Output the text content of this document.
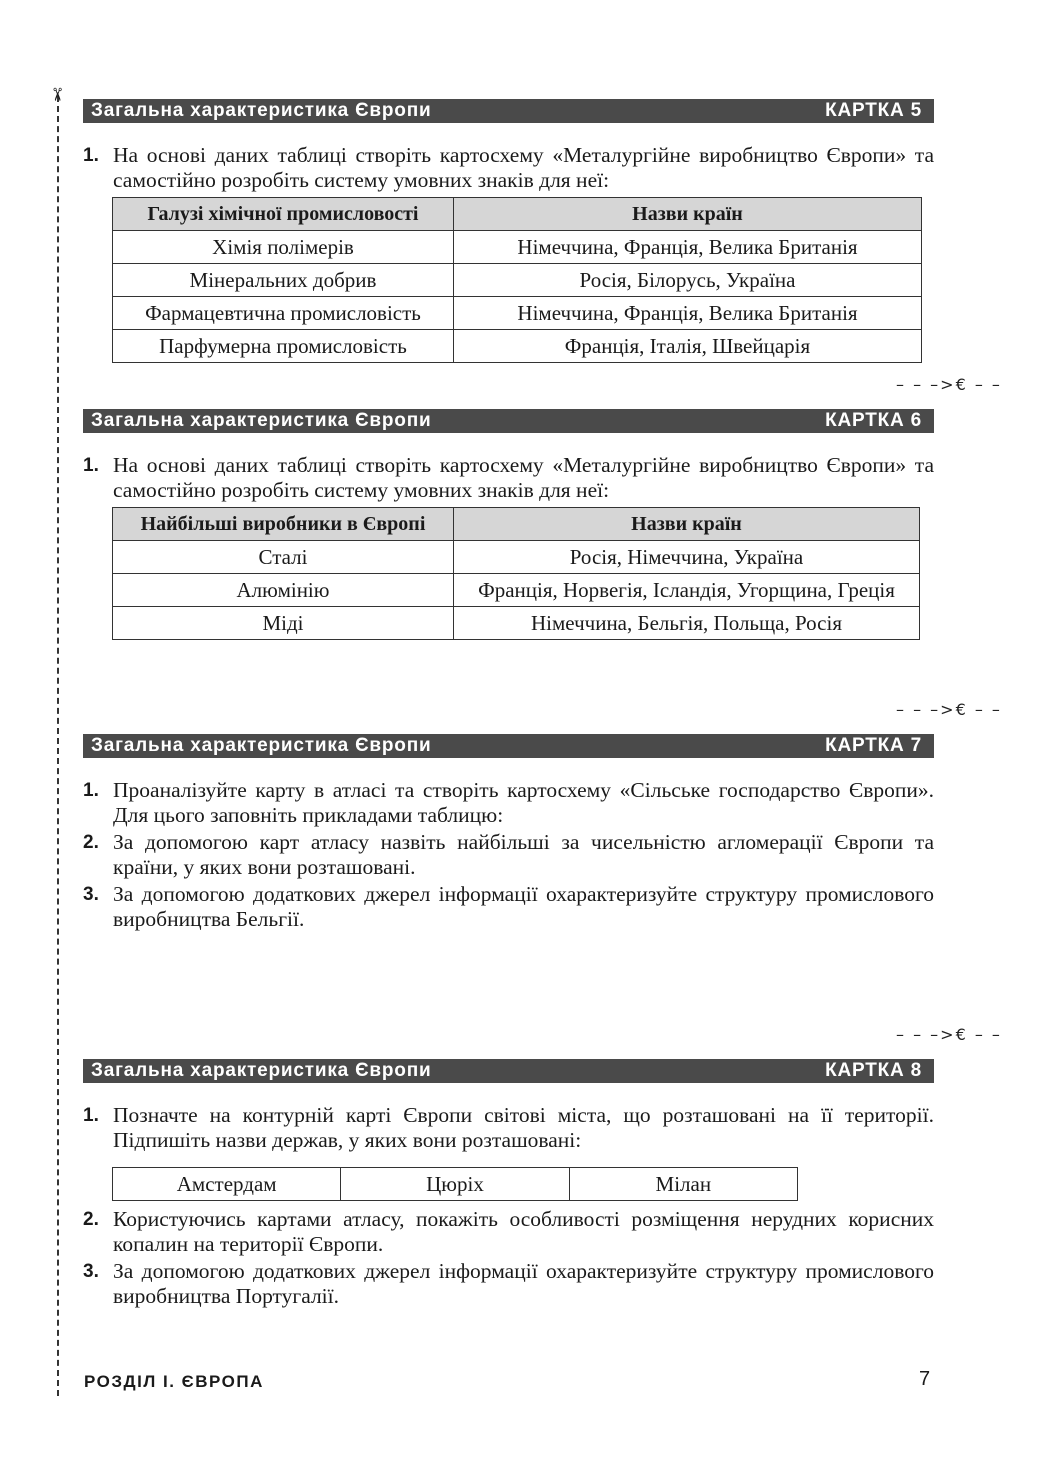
✂
Загальна характеристика Європи	КАРТКА 5
1. На основі даних таблиці створіть картосхему «Металургійне виробництво Європи» та самостійно розробіть систему умовних знаків для неї:
Галузі хімічної промисловості	Назви країн
Хімія полімерів	Німеччина, Франція, Велика Британія
Мінеральних добрив	Росія, Білорусь, Україна
Фармацевтична промисловість	Німеччина, Франція, Велика Британія
Парфумерна промисловість	Франція, Італія, Швейцарія
– – –>€ – –
Загальна характеристика Європи	КАРТКА 6
1. На основі даних таблиці створіть картосхему «Металургійне виробництво Європи» та самостійно розробіть систему умовних знаків для неї:
Найбільші виробники в Європі	Назви країн
Сталі	Росія, Німеччина, Україна
Алюмінію	Франція, Норвегія, Ісландія, Угорщина, Греція
Міді	Німеччина, Бельгія, Польща, Росія
– – –>€ – –
Загальна характеристика Європи	КАРТКА 7
1. Проаналізуйте карту в атласі та створіть картосхему «Сільське господарство Європи». Для цього заповніть прикладами таблицю:
2. За допомогою карт атласу назвіть найбільші за чисельністю агломерації Європи та країни, у яких вони розташовані.
3. За допомогою додаткових джерел інформації охарактеризуйте структуру промислового виробництва Бельгії.
– – –>€ – –
Загальна характеристика Європи	КАРТКА 8
1. Позначте на контурній карті Європи світові міста, що розташовані на її території. Підпишіть назви держав, у яких вони розташовані:
Амстердам	Цюріх	Мілан
2. Користуючись картами атласу, покажіть особливості розміщення нерудних корисних копалин на території Європи.
3. За допомогою додаткових джерел інформації охарактеризуйте структуру промислового виробництва Португалії.
РОЗДІЛ І. ЄВРОПА	7
